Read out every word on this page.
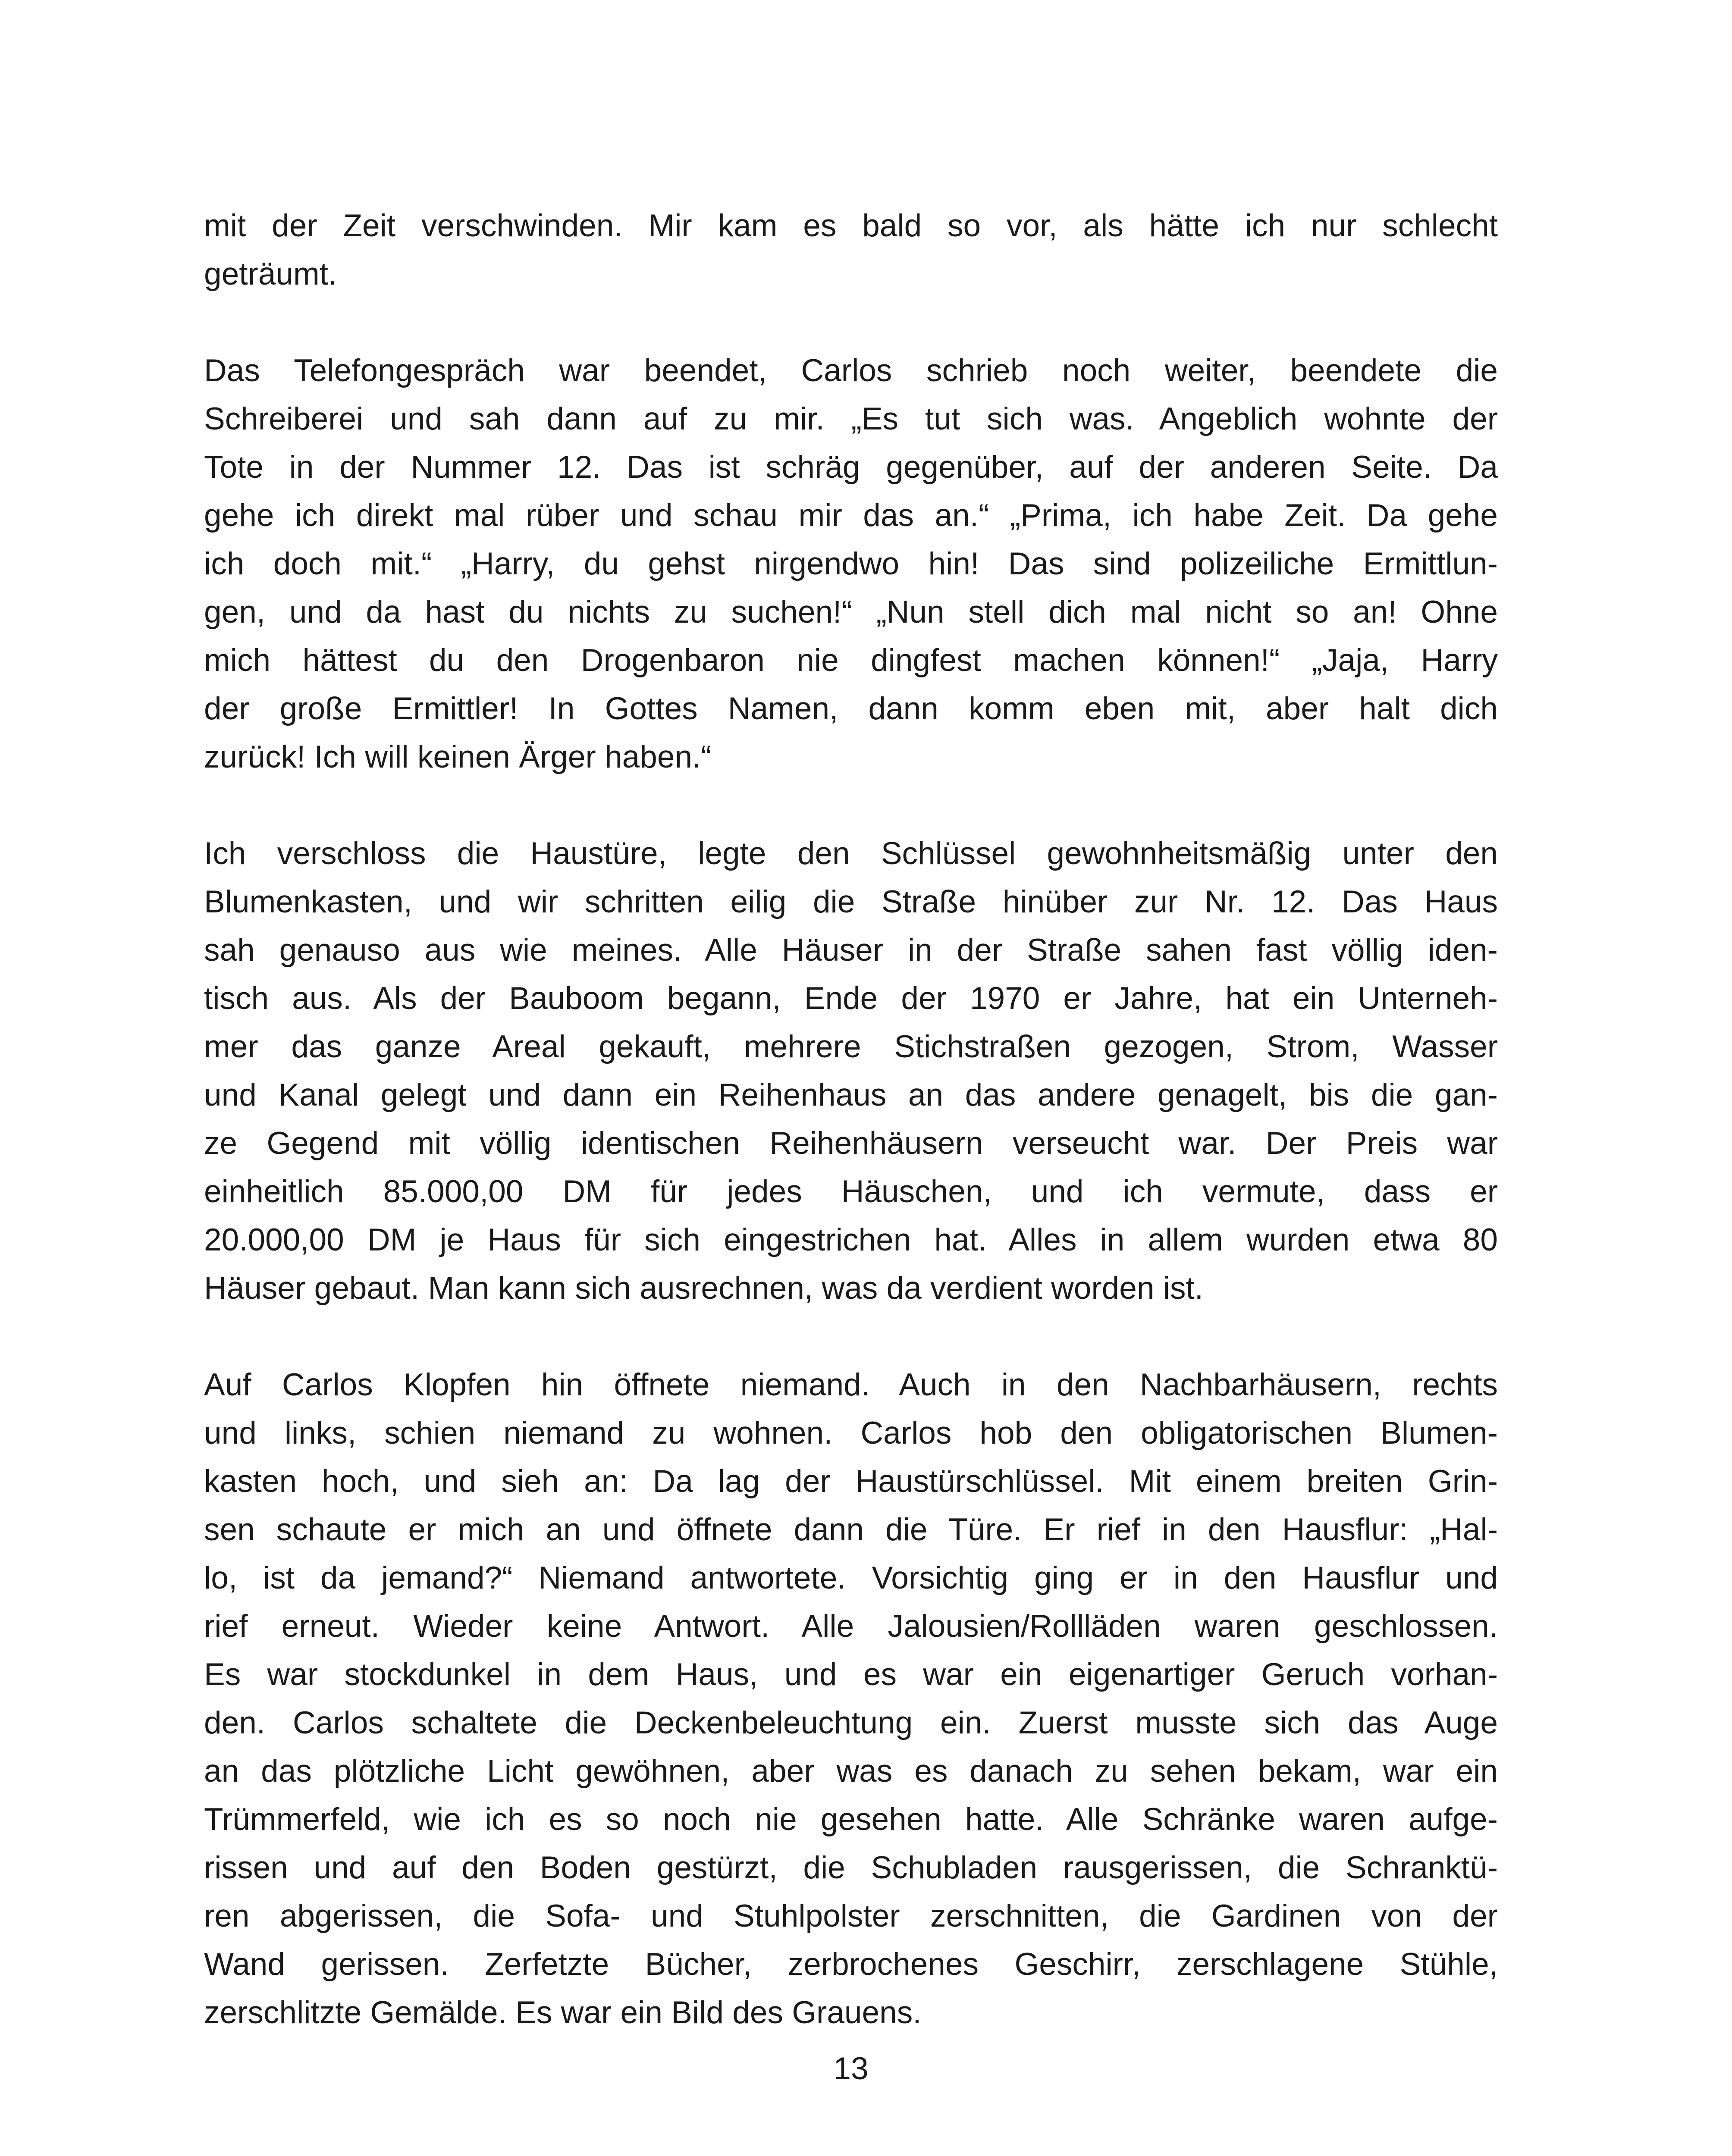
mit der Zeit verschwinden. Mir kam es bald so vor, als hätte ich nur schlecht
geträumt.
Das Telefongespräch war beendet, Carlos schrieb noch weiter, beendete die
Schreiberei und sah dann auf zu mir. „Es tut sich was. Angeblich wohnte der
Tote in der Nummer 12. Das ist schräg gegenüber, auf der anderen Seite. Da
gehe ich direkt mal rüber und schau mir das an.“ „Prima, ich habe Zeit. Da gehe
ich doch mit.“ „Harry, du gehst nirgendwo hin! Das sind polizeiliche Ermittlun-
gen, und da hast du nichts zu suchen!“ „Nun stell dich mal nicht so an! Ohne
mich hättest du den Drogenbaron nie dingfest machen können!“ „Jaja, Harry
der große Ermittler! In Gottes Namen, dann komm eben mit, aber halt dich
zurück! Ich will keinen Ärger haben.“
Ich verschloss die Haustüre, legte den Schlüssel gewohnheitsmäßig unter den
Blumenkasten, und wir schritten eilig die Straße hinüber zur Nr. 12. Das Haus
sah genauso aus wie meines. Alle Häuser in der Straße sahen fast völlig iden-
tisch aus. Als der Bauboom begann, Ende der 1970 er Jahre, hat ein Unterneh-
mer das ganze Areal gekauft, mehrere Stichstraßen gezogen, Strom, Wasser
und Kanal gelegt und dann ein Reihenhaus an das andere genagelt, bis die gan-
ze Gegend mit völlig identischen Reihenhäusern verseucht war. Der Preis war
einheitlich 85.000,00 DM für jedes Häuschen, und ich vermute, dass er
20.000,00 DM je Haus für sich eingestrichen hat. Alles in allem wurden etwa 80
Häuser gebaut. Man kann sich ausrechnen, was da verdient worden ist.
Auf Carlos Klopfen hin öffnete niemand. Auch in den Nachbarhäusern, rechts
und links, schien niemand zu wohnen. Carlos hob den obligatorischen Blumen-
kasten hoch, und sieh an: Da lag der Haustürschlüssel. Mit einem breiten Grin-
sen schaute er mich an und öffnete dann die Türe. Er rief in den Hausflur: „Hal-
lo, ist da jemand?“ Niemand antwortete. Vorsichtig ging er in den Hausflur und
rief erneut. Wieder keine Antwort. Alle Jalousien/Rollläden waren geschlossen.
Es war stockdunkel in dem Haus, und es war ein eigenartiger Geruch vorhan-
den. Carlos schaltete die Deckenbeleuchtung ein. Zuerst musste sich das Auge
an das plötzliche Licht gewöhnen, aber was es danach zu sehen bekam, war ein
Trümmerfeld, wie ich es so noch nie gesehen hatte. Alle Schränke waren aufge-
rissen und auf den Boden gestürzt, die Schubladen rausgerissen, die Schranktü-
ren abgerissen, die Sofa- und Stuhlpolster zerschnitten, die Gardinen von der
Wand gerissen. Zerfetzte Bücher, zerbrochenes Geschirr, zerschlagene Stühle,
zerschlitzte Gemälde. Es war ein Bild des Grauens.
13
